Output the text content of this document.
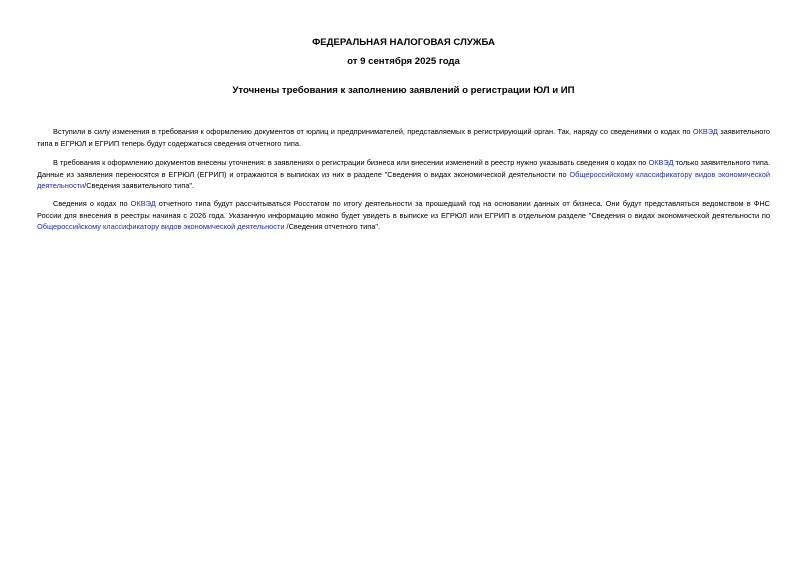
ФЕДЕРАЛЬНАЯ НАЛОГОВАЯ СЛУЖБА

от 9 сентября 2025 года

Уточнены требования к заполнению заявлений о регистрации ЮЛ и ИП

Вступили в силу изменения в требования к оформлению документов от юрлиц и предпринимателей, представляемых в регистрирующий орган. Так, наряду со сведениями о кодах по ОКВЭД заявительного типа в ЕГРЮЛ и ЕГРИП теперь будут содержаться сведения отчетного типа.

В требования к оформлению документов внесены уточнения: в заявлениях о регистрации бизнеса или внесении изменений в реестр нужно указывать сведения о кодах по ОКВЭД только заявительного типа. Данные из заявления переносятся в ЕГРЮЛ (ЕГРИП) и отражаются в выписках из них в разделе "Сведения о видах экономической деятельности по Общероссийскому классификатору видов экономической деятельности/Сведения заявительного типа".

Сведения о кодах по ОКВЭД отчетного типа будут рассчитываться Росстатом по итогу деятельности за прошедший год на основании данных от бизнеса. Они будут представляться ведомством в ФНС России для внесения в реестры начиная с 2026 года. Указанную информацию можно будет увидеть в выписке из ЕГРЮЛ или ЕГРИП в отдельном разделе "Сведения о видах экономической деятельности по Общероссийскому классификатору видов экономической деятельности /Сведения отчетного типа".
